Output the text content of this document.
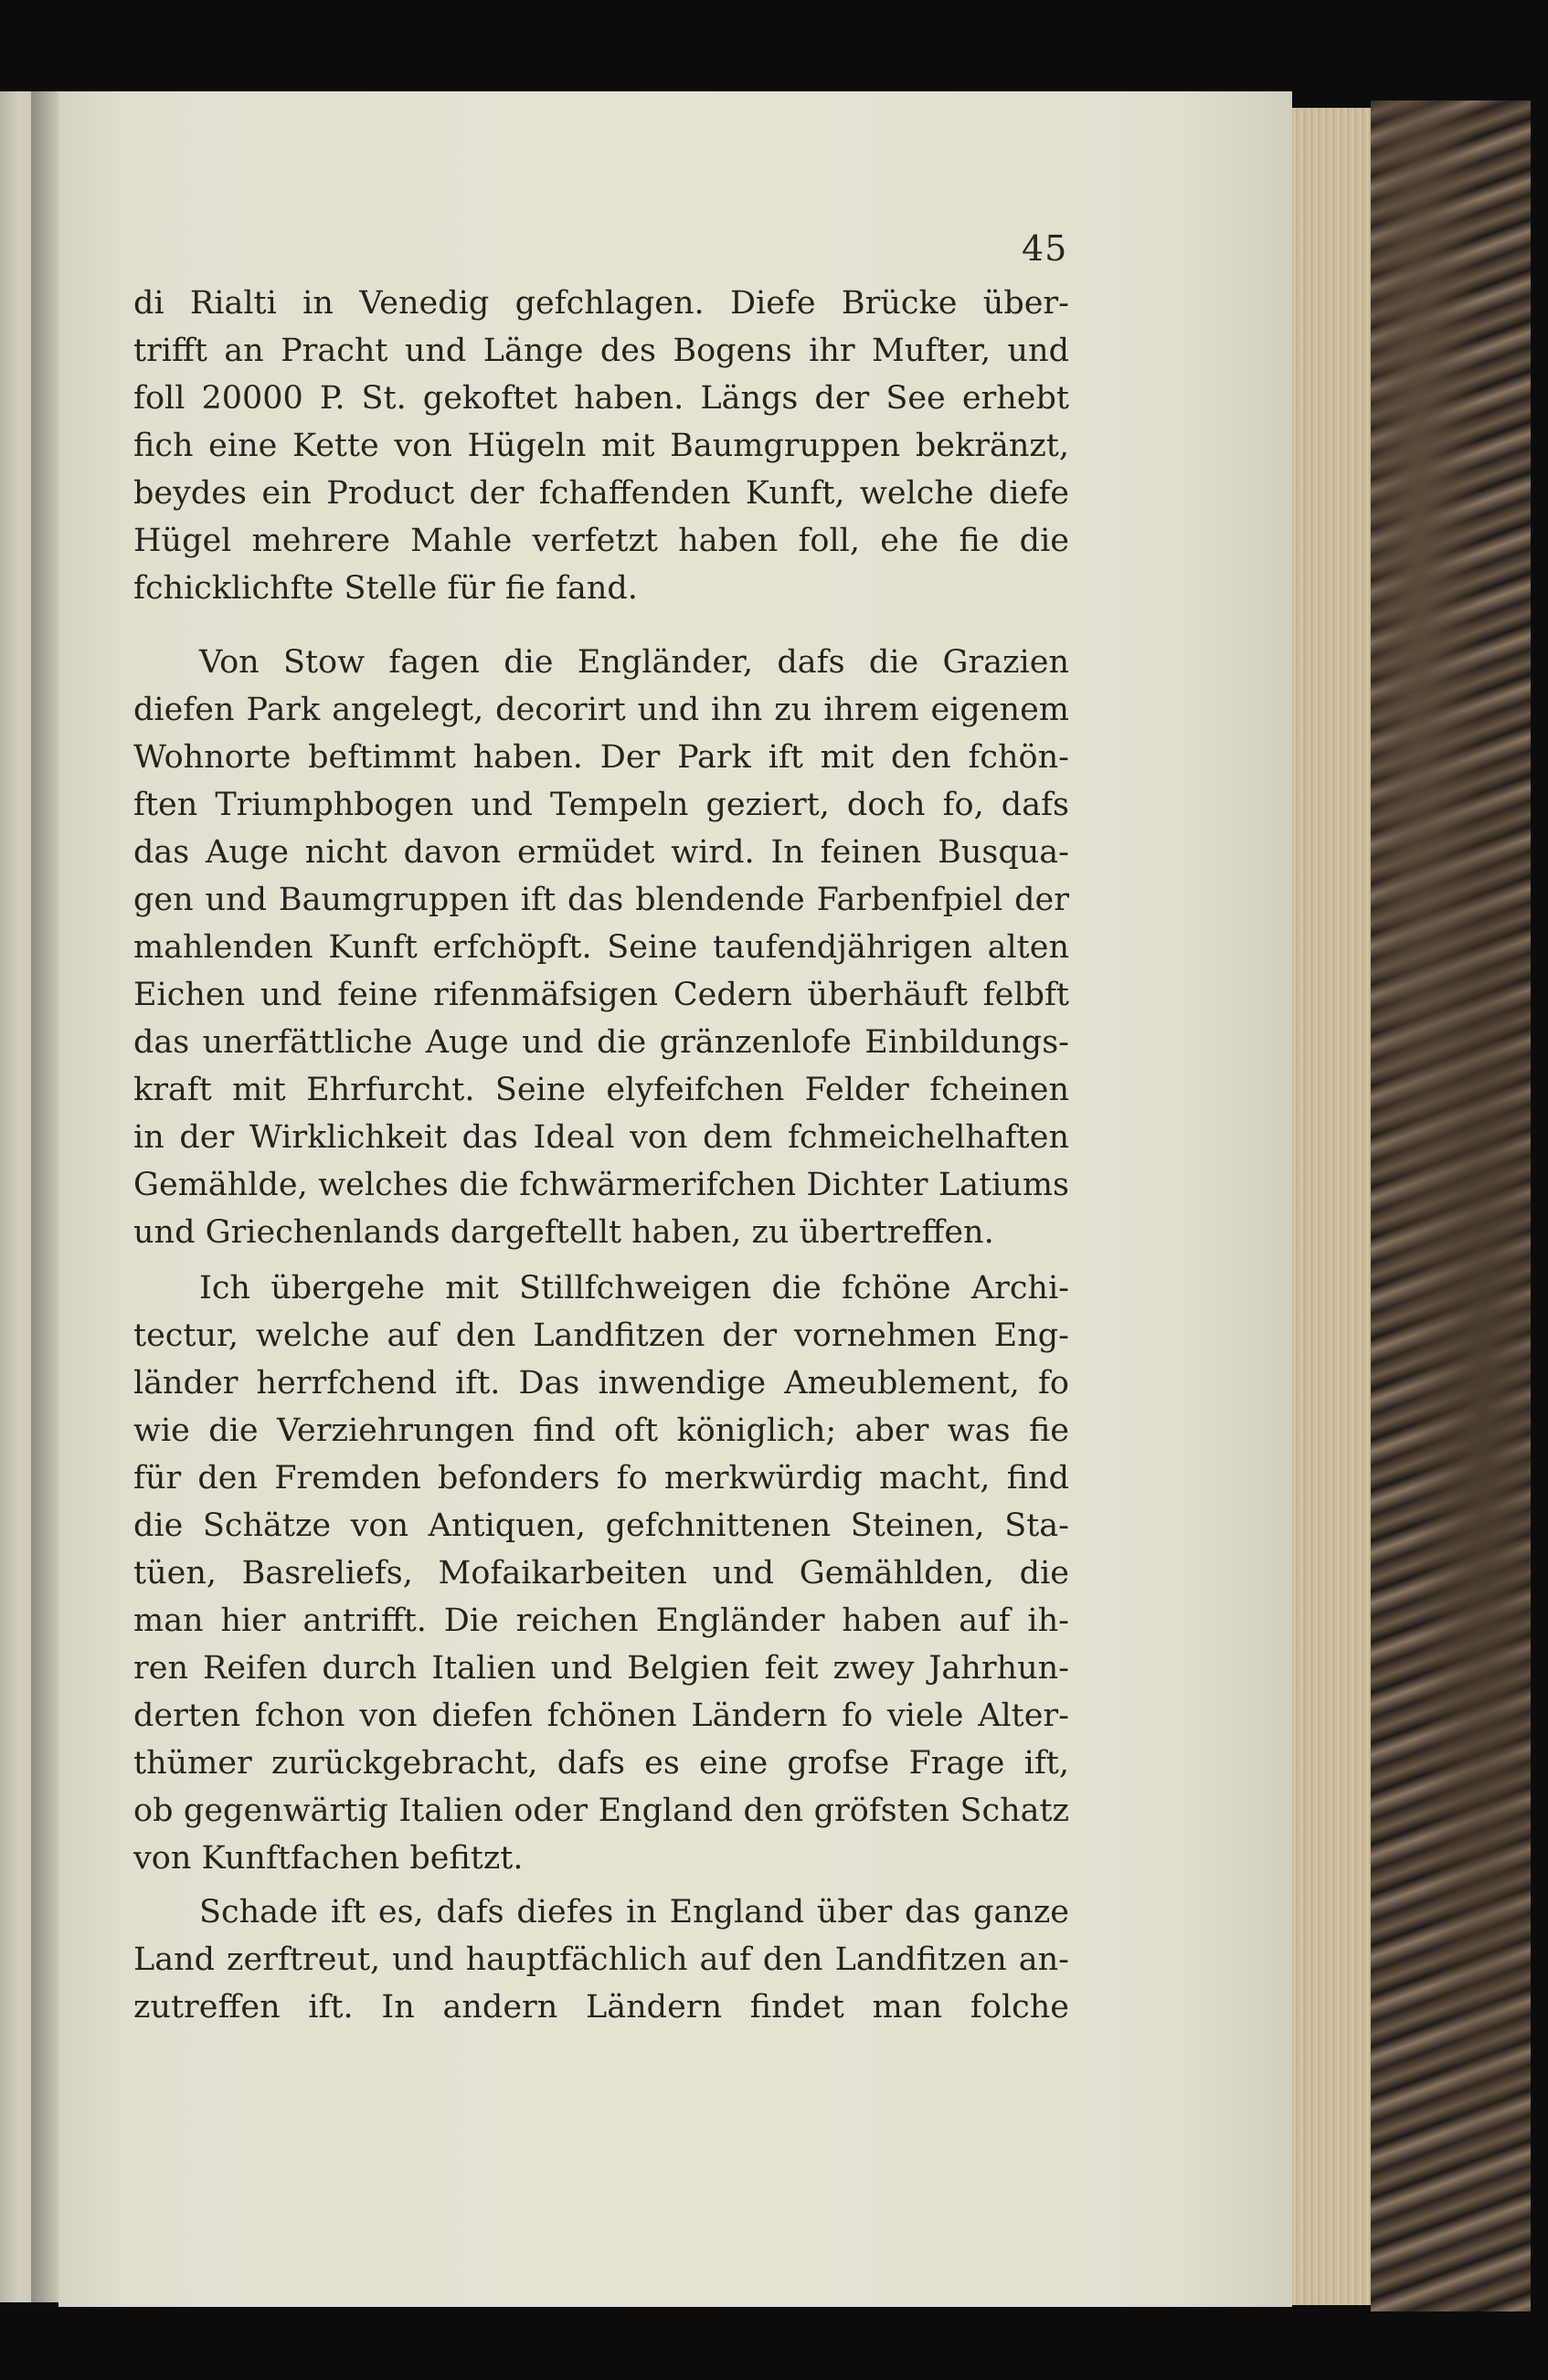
45
di Rialti in Venedig gefchlagen. Diefe Brücke über-
trifft an Pracht und Länge des Bogens ihr Mufter, und
foll 20000 P. St. gekoftet haben. Längs der See erhebt
fich eine Kette von Hügeln mit Baumgruppen bekränzt,
beydes ein Product der fchaffenden Kunft, welche diefe
Hügel mehrere Mahle verfetzt haben foll, ehe fie die
fchicklichfte Stelle für fie fand.
Von Stow fagen die Engländer, dafs die Grazien
diefen Park angelegt, decorirt und ihn zu ihrem eigenem
Wohnorte beftimmt haben. Der Park ift mit den fchön-
ften Triumphbogen und Tempeln geziert, doch fo, dafs
das Auge nicht davon ermüdet wird. In feinen Busqua-
gen und Baumgruppen ift das blendende Farbenfpiel der
mahlenden Kunft erfchöpft. Seine taufendjährigen alten
Eichen und feine rifenmäfsigen Cedern überhäuft felbft
das unerfättliche Auge und die gränzenlofe Einbildungs-
kraft mit Ehrfurcht. Seine elyfeifchen Felder fcheinen
in der Wirklichkeit das Ideal von dem fchmeichelhaften
Gemählde, welches die fchwärmerifchen Dichter Latiums
und Griechenlands dargeftellt haben, zu übertreffen.
Ich übergehe mit Stillfchweigen die fchöne Archi-
tectur, welche auf den Landfitzen der vornehmen Eng-
länder herrfchend ift. Das inwendige Ameublement, fo
wie die Verziehrungen find oft königlich; aber was fie
für den Fremden befonders fo merkwürdig macht, find
die Schätze von Antiquen, gefchnittenen Steinen, Sta-
tüen, Basreliefs, Mofaikarbeiten und Gemählden, die
man hier antrifft. Die reichen Engländer haben auf ih-
ren Reifen durch Italien und Belgien feit zwey Jahrhun-
derten fchon von diefen fchönen Ländern fo viele Alter-
thümer zurückgebracht, dafs es eine grofse Frage ift,
ob gegenwärtig Italien oder England den gröfsten Schatz
von Kunftfachen befitzt.
Schade ift es, dafs diefes in England über das ganze
Land zerftreut, und hauptfächlich auf den Landfitzen an-
zutreffen ift. In andern Ländern findet man folche
